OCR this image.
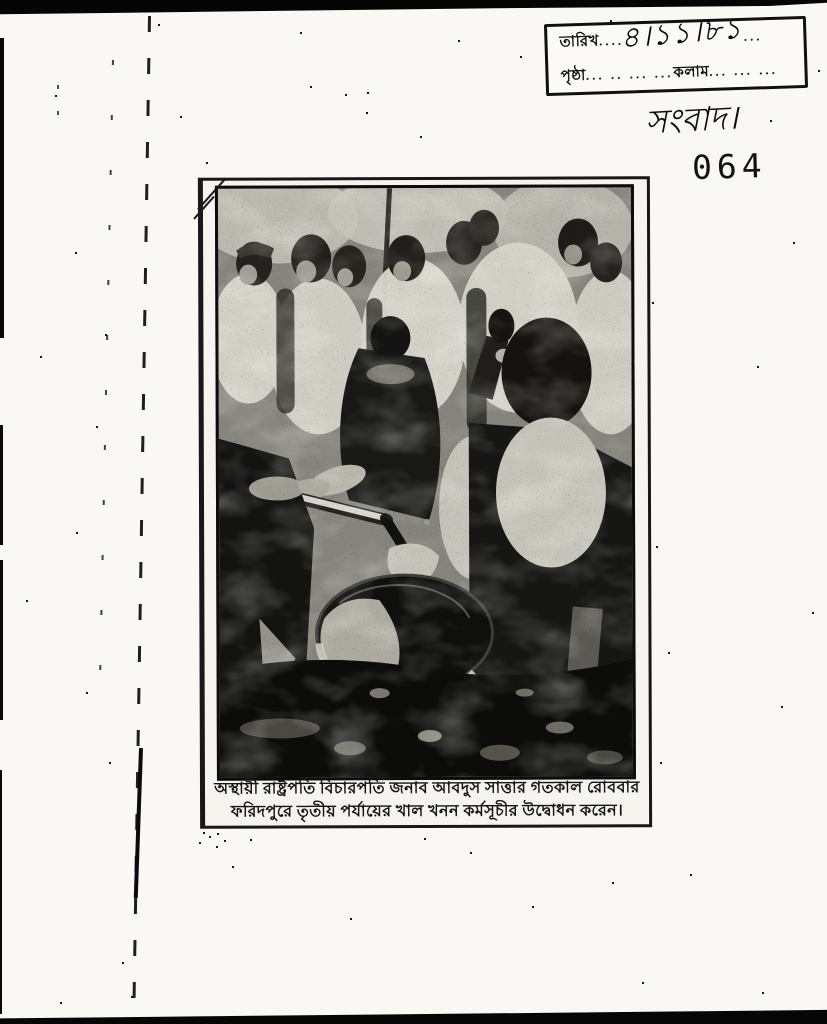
তারিখ ....
৪।১১।৮১ ...
পৃষ্ঠা ... .. ... ... কলাম ... ... ...
সংবাদ।
064
অস্থায়ী রাষ্ট্রপতি বিচারপতি জনাব আবদুস সাত্তার গতকাল রোববার
ফরিদপুরে তৃতীয় পর্যায়ের খাল খনন কর্মসূচীর উদ্বোধন করেন।
